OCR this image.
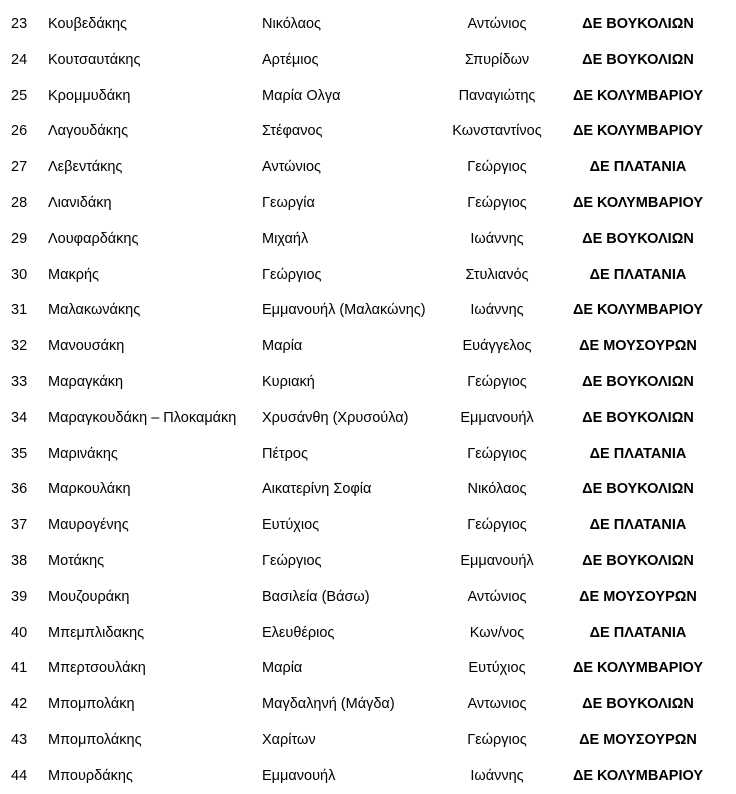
23	Κουβεδάκης	Νικόλαος	Αντώνιος	ΔΕ ΒΟΥΚΟΛΙΩΝ
24	Κουτσαυτάκης	Αρτέμιος	Σπυρίδων	ΔΕ ΒΟΥΚΟΛΙΩΝ
25	Κρομμυδάκη	Μαρία Ολγα	Παναγιώτης	ΔΕ ΚΟΛΥΜΒΑΡΙΟΥ
26	Λαγουδάκης	Στέφανος	Κωνσταντίνος	ΔΕ ΚΟΛΥΜΒΑΡΙΟΥ
27	Λεβεντάκης	Αντώνιος	Γεώργιος	ΔΕ ΠΛΑΤΑΝΙΑ
28	Λιανιδάκη	Γεωργία	Γεώργιος	ΔΕ ΚΟΛΥΜΒΑΡΙΟΥ
29	Λουφαρδάκης	Μιχαήλ	Ιωάννης	ΔΕ ΒΟΥΚΟΛΙΩΝ
30	Μακρής	Γεώργιος	Στυλιανός	ΔΕ ΠΛΑΤΑΝΙΑ
31	Μαλακωνάκης	Εμμανουήλ (Μαλακώνης)	Ιωάννης	ΔΕ ΚΟΛΥΜΒΑΡΙΟΥ
32	Μανουσάκη	Μαρία	Ευάγγελος	ΔΕ ΜΟΥΣΟΥΡΩΝ
33	Μαραγκάκη	Κυριακή	Γεώργιος	ΔΕ ΒΟΥΚΟΛΙΩΝ
34	Μαραγκουδάκη – Πλοκαμάκη	Χρυσάνθη (Χρυσούλα)	Εμμανουήλ	ΔΕ ΒΟΥΚΟΛΙΩΝ
35	Μαρινάκης	Πέτρος	Γεώργιος	ΔΕ ΠΛΑΤΑΝΙΑ
36	Μαρκουλάκη	Αικατερίνη Σοφία	Νικόλαος	ΔΕ ΒΟΥΚΟΛΙΩΝ
37	Μαυρογένης	Ευτύχιος	Γεώργιος	ΔΕ ΠΛΑΤΑΝΙΑ
38	Μοτάκης	Γεώργιος	Εμμανουήλ	ΔΕ ΒΟΥΚΟΛΙΩΝ
39	Μουζουράκη	Βασιλεία (Βάσω)	Αντώνιος	ΔΕ ΜΟΥΣΟΥΡΩΝ
40	Μπεμπλιδακης	Ελευθέριος	Κων/νος	ΔΕ ΠΛΑΤΑΝΙΑ
41	Μπερτσουλάκη	Μαρία	Ευτύχιος	ΔΕ ΚΟΛΥΜΒΑΡΙΟΥ
42	Μπομπολάκη	Μαγδαληνή (Μάγδα)	Αντωνιος	ΔΕ ΒΟΥΚΟΛΙΩΝ
43	Μπομπολάκης	Χαρίτων	Γεώργιος	ΔΕ ΜΟΥΣΟΥΡΩΝ
44	Μπουρδάκης	Εμμανουήλ	Ιωάννης	ΔΕ ΚΟΛΥΜΒΑΡΙΟΥ
